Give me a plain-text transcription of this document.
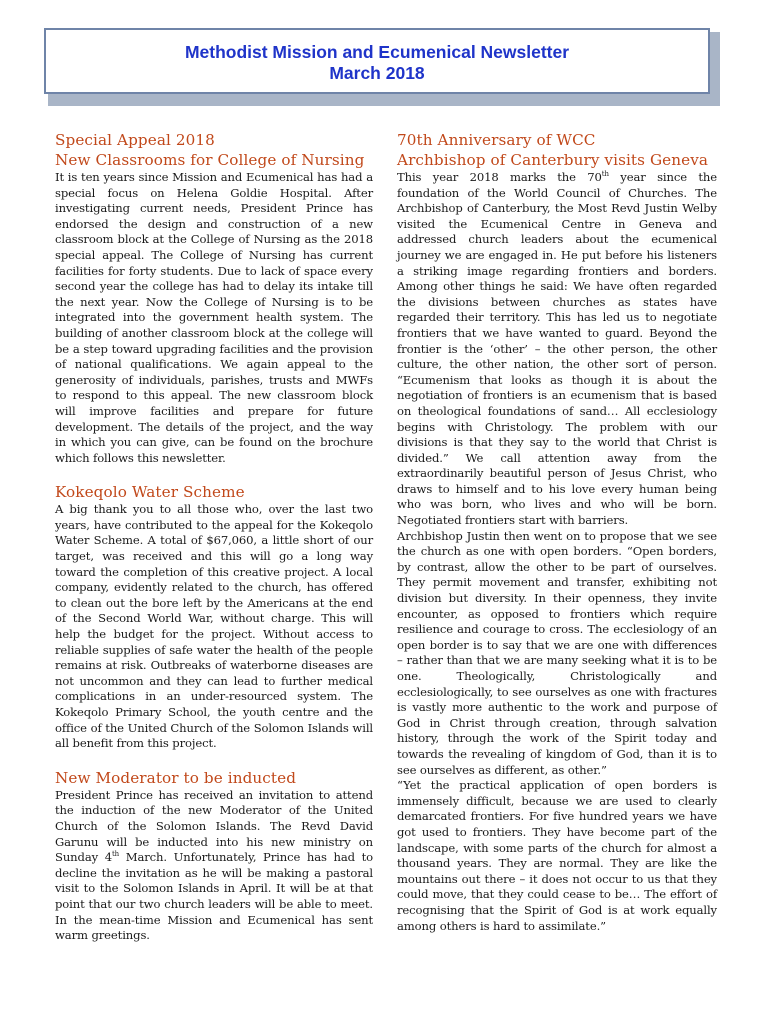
Methodist Mission and Ecumenical Newsletter
March 2018
Special Appeal 2018
New Classrooms for College of Nursing

It is ten years since Mission and Ecumenical has had a special focus on Helena Goldie Hospital. After investigating current needs, President Prince has endorsed the design and construction of a new classroom block at the College of Nursing as the 2018 special appeal. The College of Nursing has current facilities for forty students. Due to lack of space every second year the college has had to delay its intake till the next year. Now the College of Nursing is to be integrated into the government health system. The building of another classroom block at the college will be a step toward upgrading facilities and the provision of national qualifications. We again appeal to the generosity of individuals, parishes, trusts and MWFs to respond to this appeal. The new classroom block will improve facilities and prepare for future development. The details of the project, and the way in which you can give, can be found on the brochure which follows this newsletter.

Kokeqolo Water Scheme

A big thank you to all those who, over the last two years, have contributed to the appeal for the Kokeqolo Water Scheme. A total of $67,060, a little short of our target, was received and this will go a long way toward the completion of this creative project. A local company, evidently related to the church, has offered to clean out the bore left by the Americans at the end of the Second World War, without charge. This will help the budget for the project. Without access to reliable supplies of safe water the health of the people remains at risk. Outbreaks of waterborne diseases are not uncommon and they can lead to further medical complications in an under-resourced system. The Kokeqolo Primary School, the youth centre and the office of the United Church of the Solomon Islands will all benefit from this project.

New Moderator to be inducted

President Prince has received an invitation to attend the induction of the new Moderator of the United Church of the Solomon Islands. The Revd David Garunu will be inducted into his new ministry on Sunday 4th March. Unfortunately, Prince has had to decline the invitation as he will be making a pastoral visit to the Solomon Islands in April. It will be at that point that our two church leaders will be able to meet. In the mean-time Mission and Ecumenical has sent warm greetings.

70th Anniversary of WCC
Archbishop of Canterbury visits Geneva

This year 2018 marks the 70th year since the foundation of the World Council of Churches. The Archbishop of Canterbury, the Most Revd Justin Welby visited the Ecumenical Centre in Geneva and addressed church leaders about the ecumenical journey we are engaged in. He put before his listeners a striking image regarding frontiers and borders. Among other things he said: We have often regarded the divisions between churches as states have regarded their territory. This has led us to negotiate frontiers that we have wanted to guard. Beyond the frontier is the ‘other’ – the other person, the other culture, the other nation, the other sort of person. “Ecumenism that looks as though it is about the negotiation of frontiers is an ecumenism that is based on theological foundations of sand… All ecclesiology begins with Christology. The problem with our divisions is that they say to the world that Christ is divided.” We call attention away from the extraordinarily beautiful person of Jesus Christ, who draws to himself and to his love every human being who was born, who lives and who will be born. Negotiated frontiers start with barriers.

Archbishop Justin then went on to propose that we see the church as one with open borders. “Open borders, by contrast, allow the other to be part of ourselves. They permit movement and transfer, exhibiting not division but diversity. In their openness, they invite encounter, as opposed to frontiers which require resilience and courage to cross. The ecclesiology of an open border is to say that we are one with differences – rather than that we are many seeking what it is to be one. Theologically, Christologically and ecclesiologically, to see ourselves as one with fractures is vastly more authentic to the work and purpose of God in Christ through creation, through salvation history, through the work of the Spirit today and towards the revealing of kingdom of God, than it is to see ourselves as different, as other.”

“Yet the practical application of open borders is immensely difficult, because we are used to clearly demarcated frontiers. For five hundred years we have got used to frontiers. They have become part of the landscape, with some parts of the church for almost a thousand years. They are normal. They are like the mountains out there – it does not occur to us that they could move, that they could cease to be… The effort of recognising that the Spirit of God is at work equally among others is hard to assimilate.”
